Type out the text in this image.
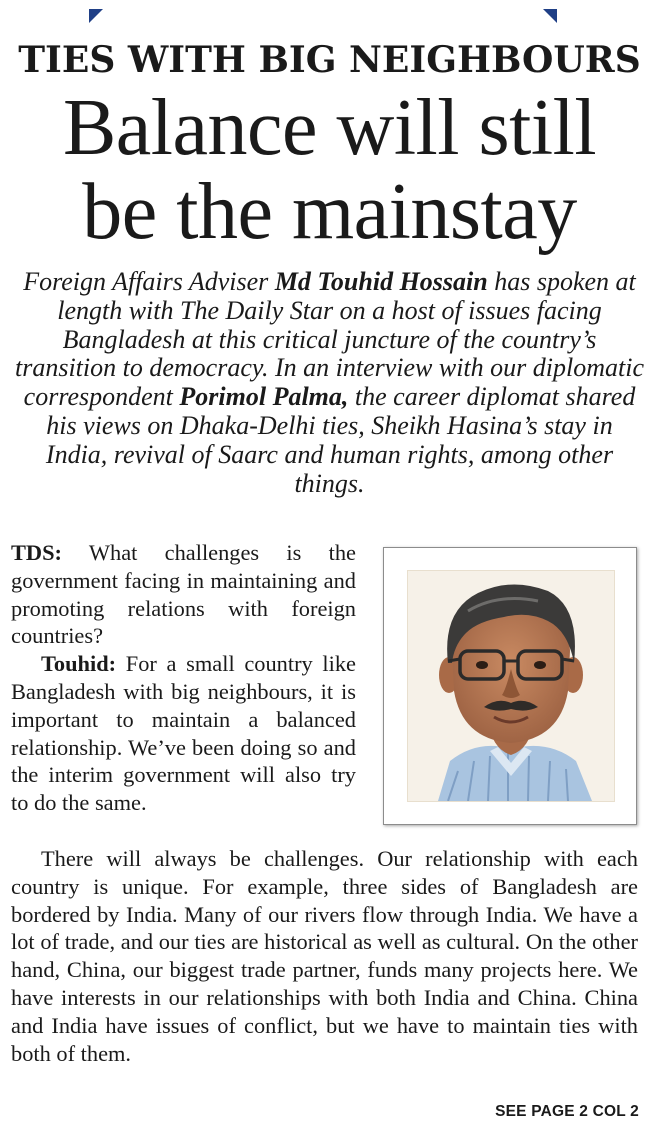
TIES WITH BIG NEIGHBOURS
Balance will still
be the mainstay
Foreign Affairs Adviser Md Touhid Hossain has spoken at length with The Daily Star on a host of issues facing Bangladesh at this critical juncture of the country’s transition to democracy. In an interview with our diplomatic correspondent Porimol Palma, the career diplomat shared his views on Dhaka-Delhi ties, Sheikh Hasina’s stay in India, revival of Saarc and human rights, among other things.

TDS: What challenges is the government facing in maintaining and promoting relations with foreign countries?

Touhid: For a small country like Bangladesh with big neighbours, it is important to maintain a balanced relationship. We’ve been doing so and the interim government will also try to do the same.

There will always be challenges. Our relationship with each country is unique. For example, three sides of Bangladesh are bordered by India. Many of our rivers flow through India. We have a lot of trade, and our ties are historical as well as cultural. On the other hand, China, our biggest trade partner, funds many projects here. We have interests in our relationships with both India and China. China and India have issues of conflict, but we have to maintain ties with both of them.

SEE PAGE 2 COL 2
